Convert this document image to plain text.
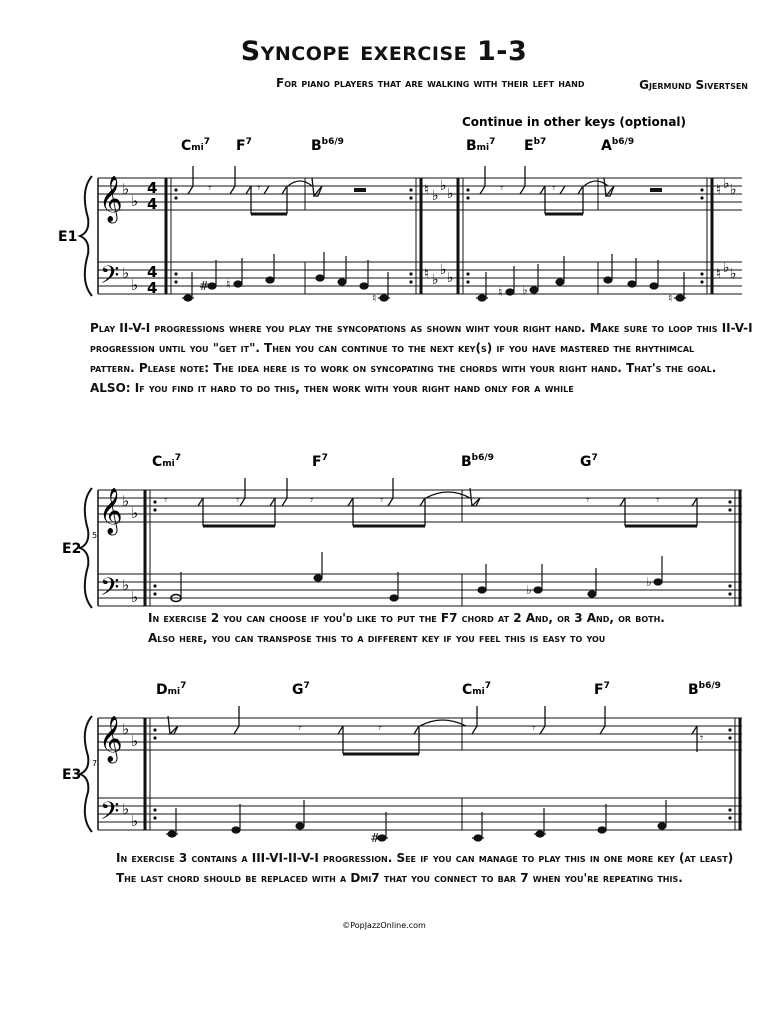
Syncope exercise 1-3
For piano players that are walking with their left hand	Gjermund Sivertsen
Continue in other keys (optional)
Cmi$^7$ $F^7$	$B^{b6/9}$	Bmi$^7$ $E^{b7}$	$A^{b6/9}$
E1
𝄞
𝄢
♭
♭
♭
♭
4
4
4
4
𝄾	𝄾	♮ ♭
♭ ♭
♮ ♭
♭ ♭
𝄾	𝄾	♮ ♭ ♭
♮ ♭ ♭
# ♮
♮	♮ ♭
♮
Cmi$^7$	$F^7$	$B^{b6/9}$	$G^7$
E2
5
𝄞
𝄢
♭
♭
♭
♭
𝄾	𝄾	𝄾	𝄾	𝄾	𝄾
♭
♭
Dmi$^7$	$G^7$	Cmi$^7$	$F^7$	$B^{b6/9}$
E3
7
𝄞
𝄢
♭
♭
♭
♭
𝄾	𝄾	𝄾
𝄾
#
©PopJazzOnline.com
Play II-V-I progressions where you play the syncopations as shown wiht your right hand. Make sure to loop this II-V-I
progression until you "get it". Then you can continue to the next key(s) if you have mastered the rhythimcal
pattern. Please note: The idea here is to work on syncopating the chords with your right hand. That's the goal.
ALSO: If you find it hard to do this, then work with your right hand only for a while
In exercise 2 you can choose if you'd like to put the F7 chord at 2 And, or 3 And, or both.
Also here, you can transpose this to a different key if you feel this is easy to you
In exercise 3 contains a III-VI-II-V-I progression. See if you can manage to play this in one more key (at least)
The last chord should be replaced with a Dmi7 that you connect to bar 7 when you're repeating this.
